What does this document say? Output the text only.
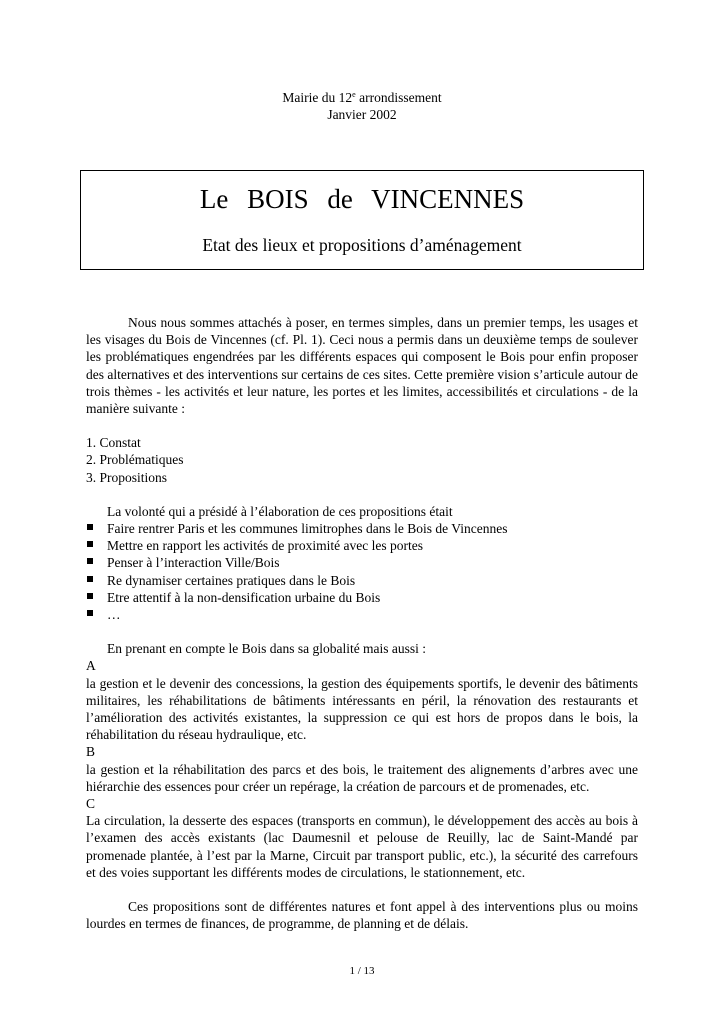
Mairie du 12e arrondissement
Janvier 2002
Le BOIS de VINCENNES
Etat des lieux et propositions d’aménagement

Nous nous sommes attachés à poser, en termes simples, dans un premier temps, les usages et les visages du Bois de Vincennes (cf. Pl. 1). Ceci nous a permis dans un deuxième temps de soulever les problématiques engendrées par les différents espaces qui composent le Bois pour enfin proposer des alternatives et des interventions sur certains de ces sites. Cette première vision s’articule autour de trois thèmes - les activités et leur nature, les portes et les limites, accessibilités et circulations - de la manière suivante :

1. Constat
2. Problématiques
3. Propositions

La volonté qui a présidé à l’élaboration de ces propositions était

Faire rentrer Paris et les communes limitrophes dans le Bois de Vincennes
Mettre en rapport les activités de proximité avec les portes
Penser à l’interaction Ville/Bois
Re dynamiser certaines pratiques dans le Bois
Etre attentif à la non-densification urbaine du Bois
…

En prenant en compte le Bois dans sa globalité mais aussi :

A

la gestion et le devenir des concessions, la gestion des équipements sportifs, le devenir des bâtiments militaires, les réhabilitations de bâtiments intéressants en péril, la rénovation des restaurants et l’amélioration des activités existantes, la suppression ce qui est hors de propos dans le bois, la réhabilitation du réseau hydraulique, etc.

B

la gestion et la réhabilitation des parcs et des bois, le traitement des alignements d’arbres avec une hiérarchie des essences pour créer un repérage, la création de parcours et de promenades, etc.

C

La circulation, la desserte des espaces (transports en commun), le développement des accès au bois à l’examen des accès existants (lac Daumesnil et pelouse de Reuilly, lac de Saint-Mandé par promenade plantée, à l’est par la Marne, Circuit par transport public, etc.), la sécurité des carrefours et des voies supportant les différents modes de circulations, le stationnement, etc.

Ces propositions sont de différentes natures et font appel à des interventions plus ou moins lourdes en termes de finances, de programme, de planning et de délais.

1 / 13
